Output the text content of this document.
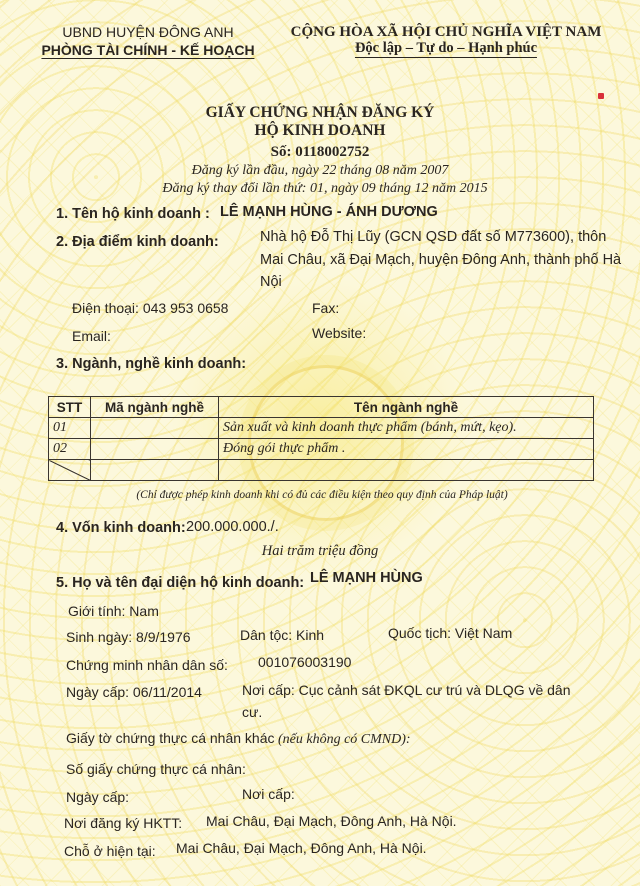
UBND HUYỆN ĐÔNG ANH
PHÒNG TÀI CHÍNH - KẾ HOẠCH
CỘNG HÒA XÃ HỘI CHỦ NGHĨA VIỆT NAM
Độc lập – Tự do – Hạnh phúc
GIẤY CHỨNG NHẬN ĐĂNG KÝ
HỘ KINH DOANH
Số: 0118002752
Đăng ký lần đầu, ngày 22 tháng 08 năm 2007
Đăng ký thay đổi lần thứ: 01, ngày 09 tháng 12 năm 2015
1. Tên hộ kinh doanh : LÊ MẠNH HÙNG - ÁNH DƯƠNG
2. Địa điểm kinh doanh:	Nhà hộ Đỗ Thị Lũy (GCN QSD đất số M773600), thôn
Mai Châu, xã Đại Mạch, huyện Đông Anh, thành phố Hà
Nội
Điện thoại: 043 953 0658	Fax:
Email:	Website:
3. Ngành, nghề kinh doanh:
STT	Mã ngành nghề	Tên ngành nghề
01		Sản xuất và kinh doanh thực phẩm (bánh, mứt, kẹo).
02		Đóng gói thực phẩm .

(Chỉ được phép kinh doanh khi có đủ các điều kiện theo quy định của Pháp luật)
4. Vốn kinh doanh: 200.000.000./.
Hai trăm triệu đồng
5. Họ và tên đại diện hộ kinh doanh: LÊ MẠNH HÙNG
Giới tính: Nam
Sinh ngày: 8/9/1976	Dân tộc: Kinh	Quốc tịch: Việt Nam
Chứng minh nhân dân số: 001076003190
Ngày cấp: 06/11/2014	Nơi cấp: Cục cảnh sát ĐKQL cư trú và DLQG về dân
cư.
Giấy tờ chứng thực cá nhân khác (nếu không có CMND):
Số giấy chứng thực cá nhân:
Ngày cấp:	Nơi cấp:
Nơi đăng ký HKTT: Mai Châu, Đại Mạch, Đông Anh, Hà Nội.
Chỗ ở hiện tại: Mai Châu, Đại Mạch, Đông Anh, Hà Nội.
